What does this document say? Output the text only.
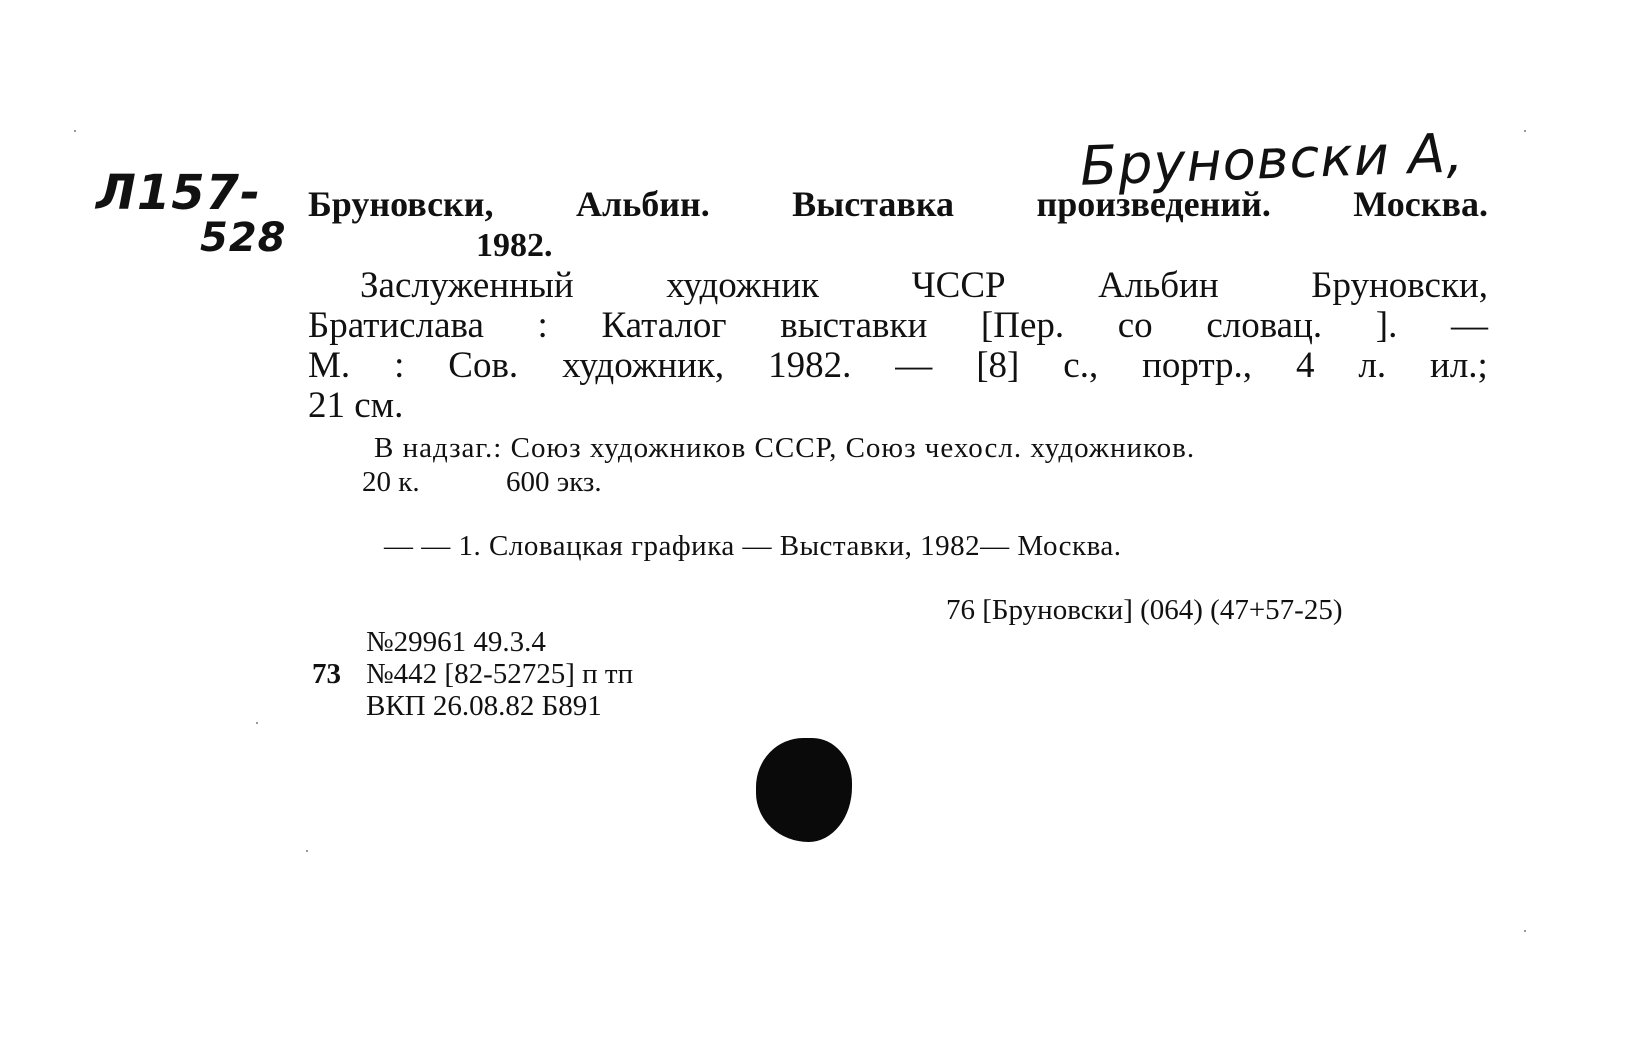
Бруновски А,
Л157-
528
Бруновски, Альбин. Выставка произведений. Москва.
1982.
Заслуженный	художник	ЧССР	Альбин	Бруновски,
Братислава : Каталог выставки [Пер. со словац. ]. —
М. : Сов. художник, 1982. — [8] с., портр., 4 л. ил.;
21 см.
В надзаг.: Союз художников СССР, Союз чехосл. художников.
20 к.	600 экз.
— — 1. Словацкая графика — Выставки, 1982— Москва.
76 [Бруновски] (064) (47+57-25)
№29961 49.3.4
73 №442 [82-52725] п тп
ВКП 26.08.82 Б891
